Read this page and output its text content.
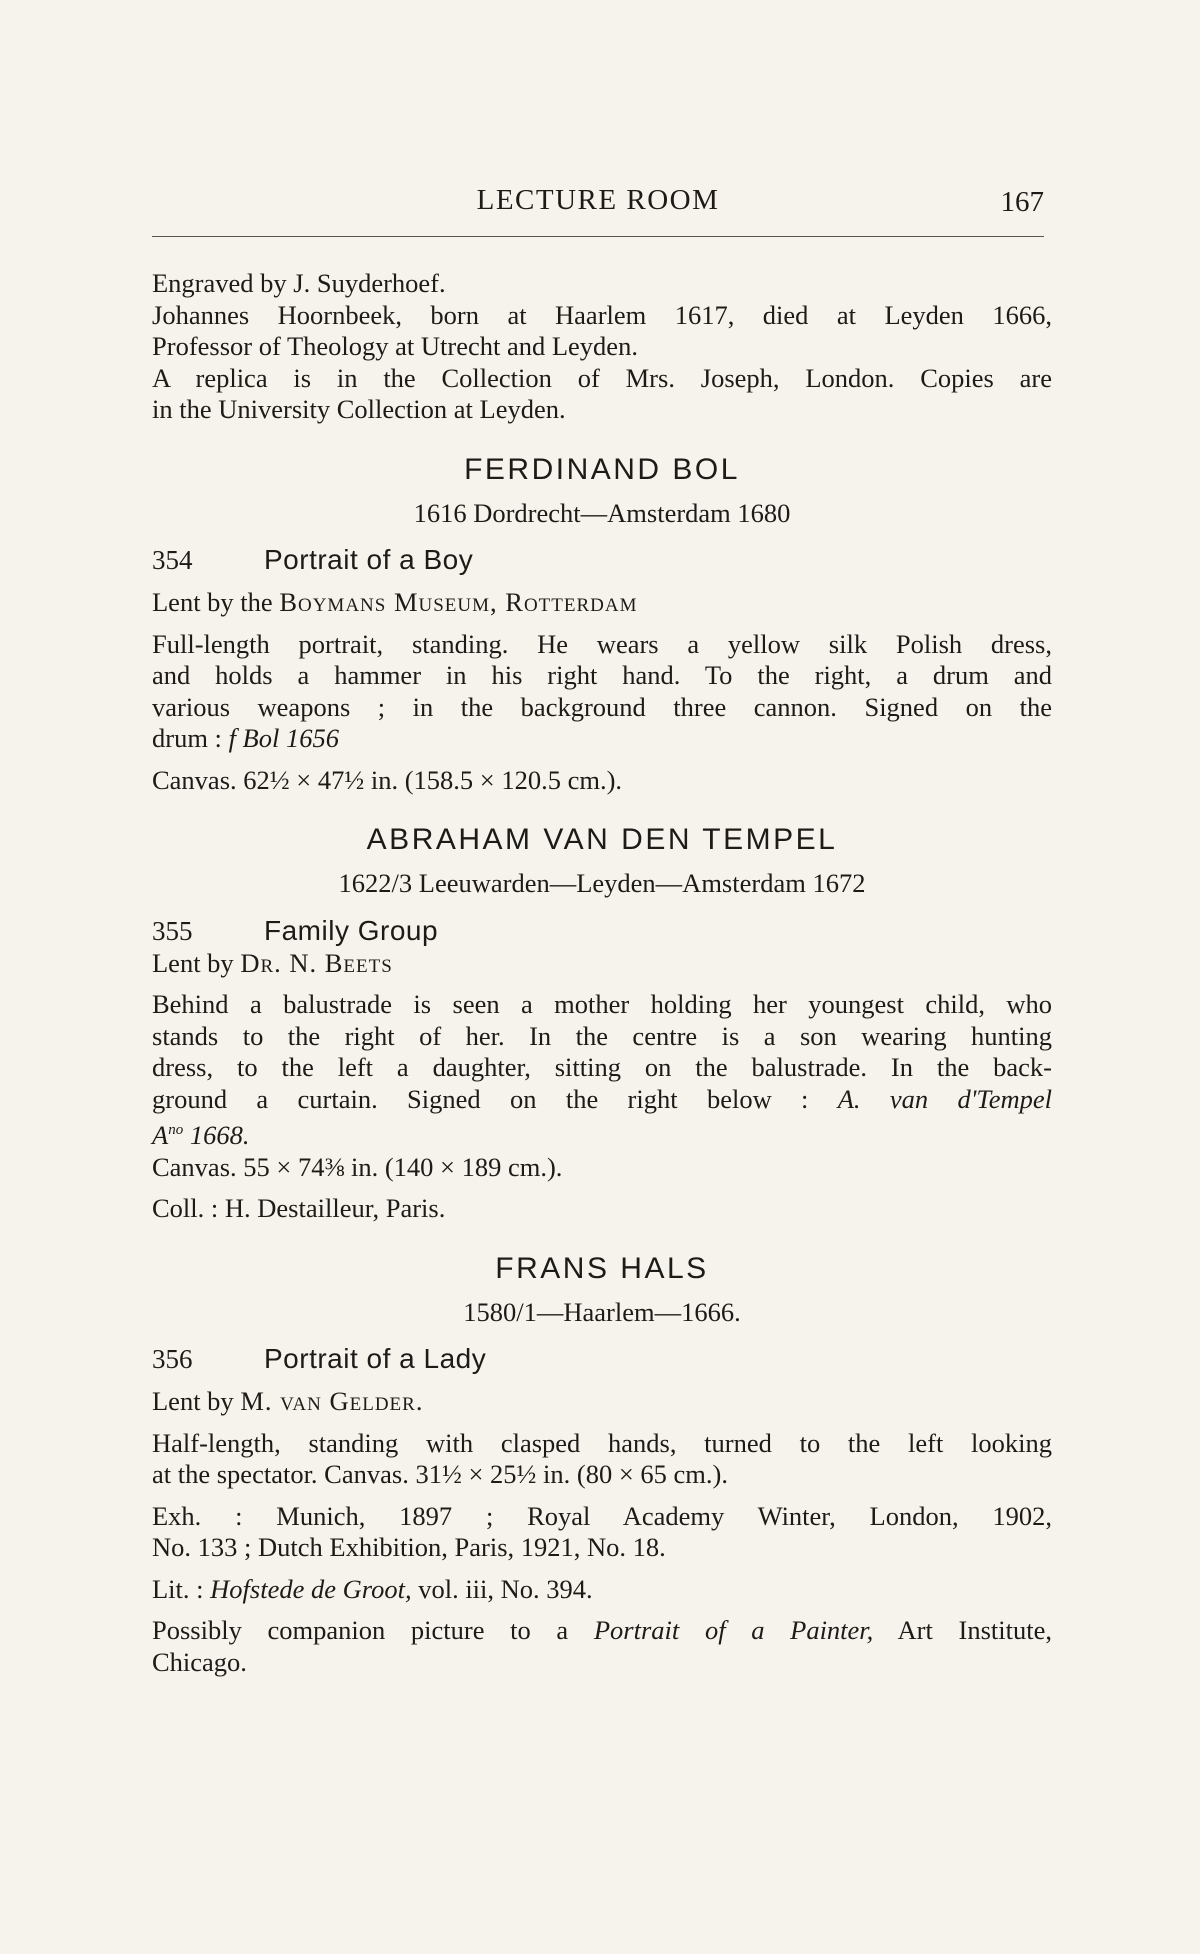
LECTURE ROOM	167
Engraved by J. Suyderhoef.
Johannes Hoornbeek, born at Haarlem 1617, died at Leyden 1666,
Professor of Theology at Utrecht and Leyden.
A replica is in the Collection of Mrs. Joseph, London. Copies are
in the University Collection at Leyden.
FERDINAND BOL
1616 Dordrecht—Amsterdam 1680
354	Portrait of a Boy
Lent by the Boymans Museum, Rotterdam
Full-length portrait, standing. He wears a yellow silk Polish dress,
and holds a hammer in his right hand. To the right, a drum and
various weapons ; in the background three cannon. Signed on the
drum : f Bol 1656
Canvas. 62½ × 47½ in. (158.5 × 120.5 cm.).
ABRAHAM VAN DEN TEMPEL
1622/3 Leeuwarden—Leyden—Amsterdam 1672
355	Family Group
Lent by Dr. N. Beets
Behind a balustrade is seen a mother holding her youngest child, who
stands to the right of her. In the centre is a son wearing hunting
dress, to the left a daughter, sitting on the balustrade. In the back-
ground a curtain. Signed on the right below : A. van d'Tempel
$A^{no}$ 1668.
Canvas. 55 × 74⅜ in. (140 × 189 cm.).
Coll. : H. Destailleur, Paris.
FRANS HALS
1580/1—Haarlem—1666.
356	Portrait of a Lady
Lent by M. van Gelder.
Half-length, standing with clasped hands, turned to the left looking
at the spectator. Canvas. 31½ × 25½ in. (80 × 65 cm.).
Exh. : Munich, 1897 ; Royal Academy Winter, London, 1902,
No. 133 ; Dutch Exhibition, Paris, 1921, No. 18.
Lit. : Hofstede de Groot, vol. iii, No. 394.
Possibly companion picture to a Portrait of a Painter, Art Institute,
Chicago.
